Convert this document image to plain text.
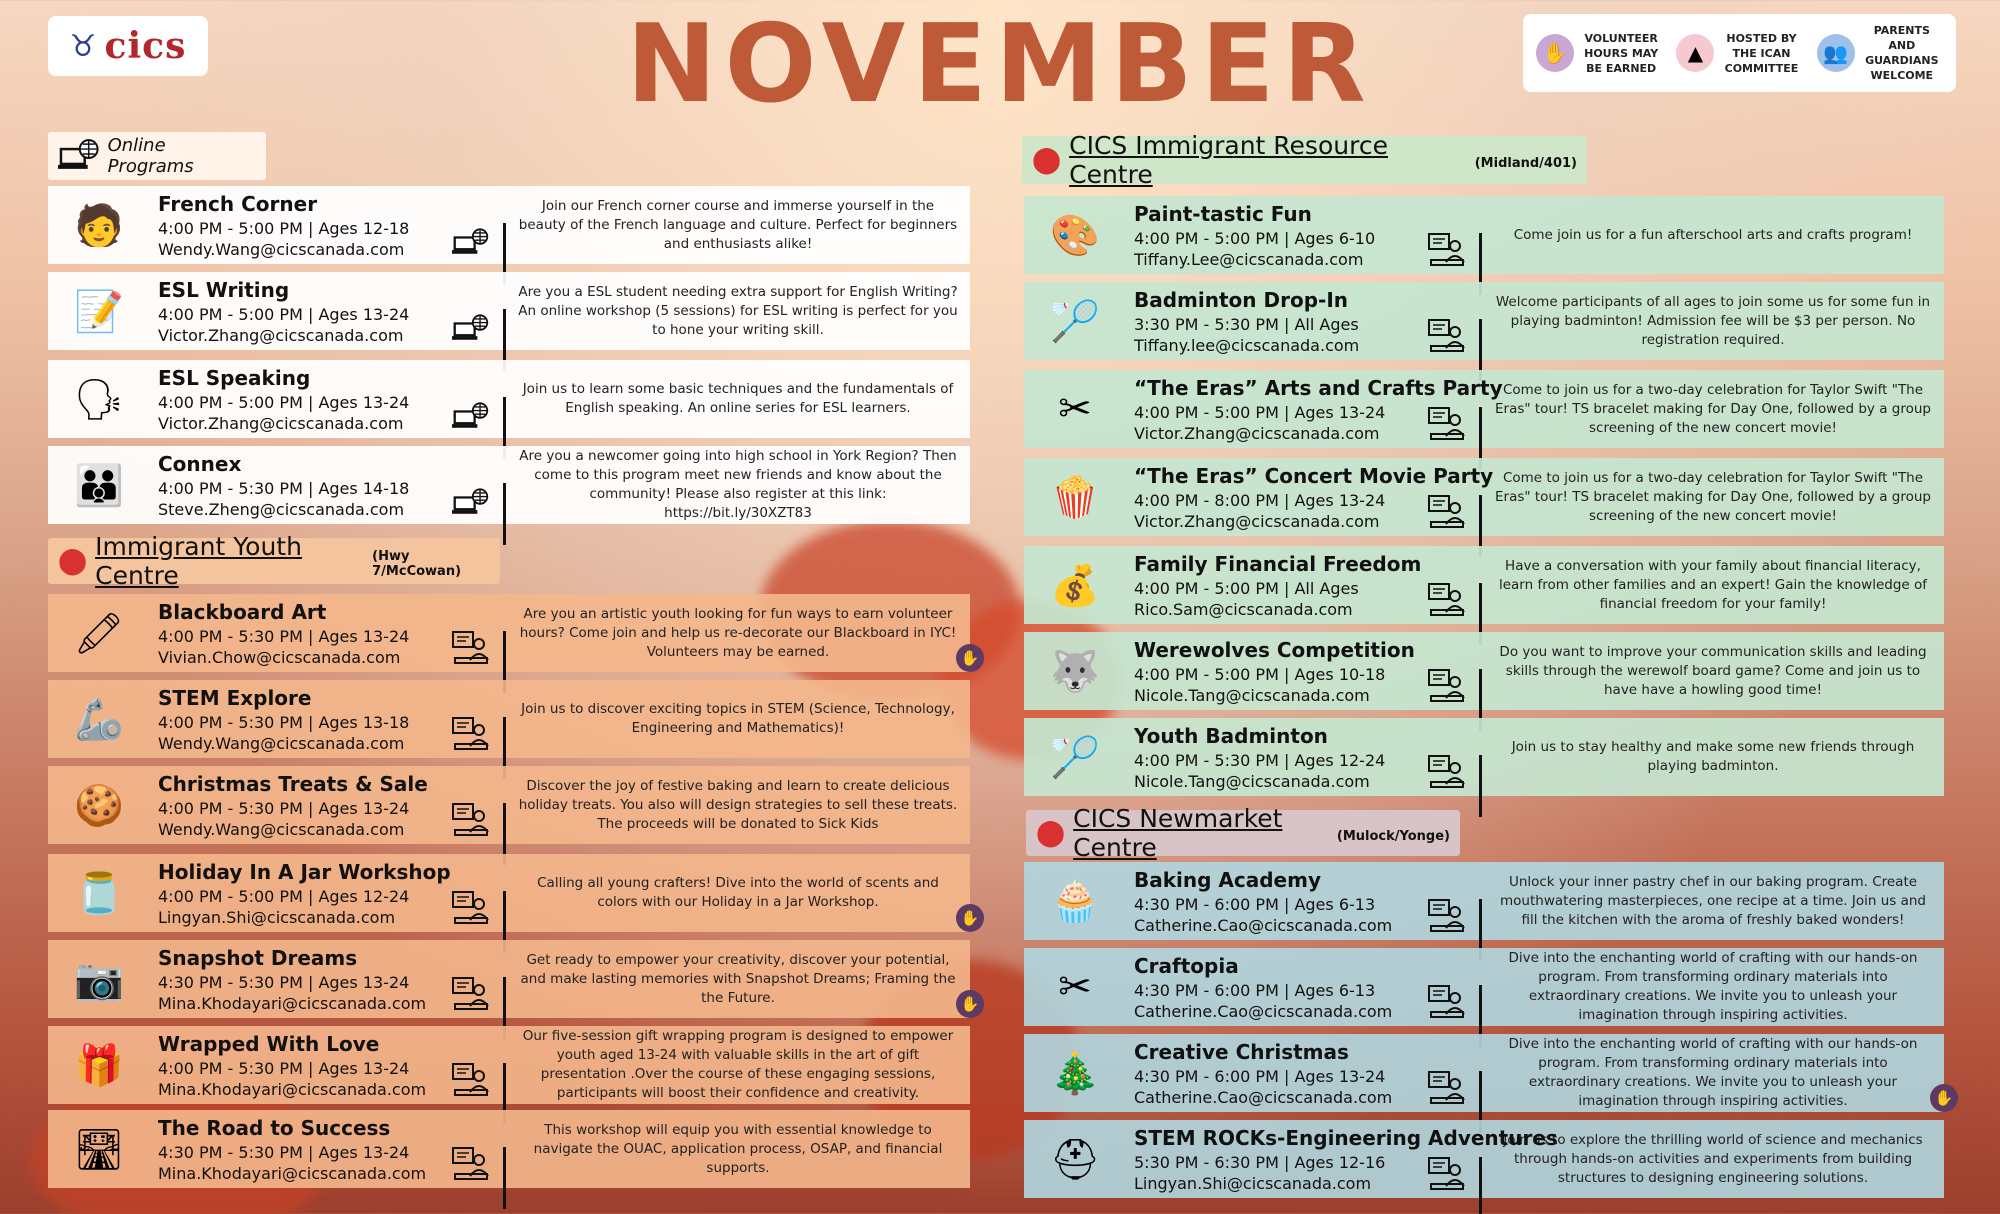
♉ cics	NOVEMBER	✋
VOLUNTEER
HOURS MAY
BE EARNED
▲
HOSTED BY
THE ICAN
COMMITTEE
👥
PARENTS AND
GUARDIANS
WELCOME
Online Programs
⬤ Immigrant Youth Centre
(Hwy 7/McCowan)
⬤ CICS Immigrant Resource Centre	(Midland/401)
⬤ CICS Newmarket Centre	(Mulock/Yonge)
🧑	French Corner
4:00 PM - 5:00 PM | Ages 12-18
Wendy.Wang@cicscanada.com
Join our French corner course and immerse yourself in the beauty of the French language and culture. Perfect for beginners and enthusiasts alike!
📝	ESL Writing
4:00 PM - 5:00 PM | Ages 13-24
Victor.Zhang@cicscanada.com
Are you a ESL student needing extra support for English Writing? An online workshop (5 sessions) for ESL writing is perfect for you to hone your writing skill.
🗣	ESL Speaking
4:00 PM - 5:00 PM | Ages 13-24
Victor.Zhang@cicscanada.com
Join us to learn some basic techniques and the fundamentals of English speaking. An online series for ESL learners.
👪	Connex
4:00 PM - 5:30 PM | Ages 14-18
Steve.Zheng@cicscanada.com
Are you a newcomer going into high school in York Region? Then come to this program meet new friends and know about the community! Please also register at this link: https://bit.ly/30XZT83
🖍	Blackboard Art
4:00 PM - 5:30 PM | Ages 13-24
Vivian.Chow@cicscanada.com
Are you an artistic youth looking for fun ways to earn volunteer hours? Come join and help us re-decorate our Blackboard in IYC! Volunteers may be earned.	✋
🦾	STEM Explore
4:00 PM - 5:30 PM | Ages 13-18
Wendy.Wang@cicscanada.com
Join us to discover exciting topics in STEM (Science, Technology, Engineering and Mathematics)!
🍪	Christmas Treats & Sale
4:00 PM - 5:30 PM | Ages 13-24
Wendy.Wang@cicscanada.com
Discover the joy of festive baking and learn to create delicious holiday treats. You also will design strategies to sell these treats. The proceeds will be donated to Sick Kids
🫙	Holiday In A Jar Workshop
4:00 PM - 5:00 PM | Ages 12-24
Lingyan.Shi@cicscanada.com
Calling all young crafters! Dive into the world of scents and colors with our Holiday in a Jar Workshop.
✋
📷	Snapshot Dreams
4:30 PM - 5:30 PM | Ages 13-24
Mina.Khodayari@cicscanada.com
Get ready to empower your creativity, discover your potential, and make lasting memories with Snapshot Dreams; Framing the the Future.	✋
🎁	Wrapped With Love
4:00 PM - 5:30 PM | Ages 13-24
Mina.Khodayari@cicscanada.com
Our five-session gift wrapping program is designed to empower youth aged 13-24 with valuable skills in the art of gift presentation .Over the course of these engaging sessions, participants will boost their confidence and creativity.
🛣	The Road to Success
4:30 PM - 5:30 PM | Ages 13-24
Mina.Khodayari@cicscanada.com
This workshop will equip you with essential knowledge to navigate the OUAC, application process, OSAP, and financial supports.
🎨	Paint-tastic Fun
4:00 PM - 5:00 PM | Ages 6-10
Tiffany.Lee@cicscanada.com
Come join us for a fun afterschool arts and crafts program!
🏸	Badminton Drop-In
3:30 PM - 5:30 PM | All Ages
Tiffany.lee@cicscanada.com
Welcome participants of all ages to join some us for some fun in playing badminton! Admission fee will be $3 per person. No registration required.
✂	“The Eras” Arts and Crafts Party
4:00 PM - 5:00 PM | Ages 13-24
Victor.Zhang@cicscanada.com
Come to join us for a two-day celebration for Taylor Swift "The Eras" tour! TS bracelet making for Day One, followed by a group screening of the new concert movie!
🍿	“The Eras” Concert Movie Party
4:00 PM - 8:00 PM | Ages 13-24
Victor.Zhang@cicscanada.com
Come to join us for a two-day celebration for Taylor Swift "The Eras" tour! TS bracelet making for Day One, followed by a group screening of the new concert movie!
💰	Family Financial Freedom
4:00 PM - 5:00 PM | All Ages
Rico.Sam@cicscanada.com
Have a conversation with your family about financial literacy, learn from other families and an expert! Gain the knowledge of financial freedom for your family!
🐺	Werewolves Competition
4:00 PM - 5:00 PM | Ages 10-18
Nicole.Tang@cicscanada.com
Do you want to improve your communication skills and leading skills through the werewolf board game? Come and join us to have have a howling good time!
🏸	Youth Badminton
4:00 PM - 5:30 PM | Ages 12-24
Nicole.Tang@cicscanada.com
Join us to stay healthy and make some new friends through playing badminton.
🧁	Baking Academy
4:30 PM - 6:00 PM | Ages 6-13
Catherine.Cao@cicscanada.com
Unlock your inner pastry chef in our baking program. Create mouthwatering masterpieces, one recipe at a time. Join us and fill the kitchen with the aroma of freshly baked wonders!
✂	Craftopia
4:30 PM - 6:00 PM | Ages 6-13
Catherine.Cao@cicscanada.com
Dive into the enchanting world of crafting with our hands-on program. From transforming ordinary materials into extraordinary creations. We invite you to unleash your imagination through inspiring activities.
🎄	Creative Christmas
4:30 PM - 6:00 PM | Ages 13-24
Catherine.Cao@cicscanada.com
Dive into the enchanting world of crafting with our hands-on program. From transforming ordinary materials into extraordinary creations. We invite you to unleash your imagination through inspiring activities.	✋
⛑	STEM ROCKs-Engineering Adventures
5:30 PM - 6:30 PM | Ages 12-16
Lingyan.Shi@cicscanada.com
Join us to explore the thrilling world of science and mechanics through hands-on activities and experiments from building structures to designing engineering solutions.
